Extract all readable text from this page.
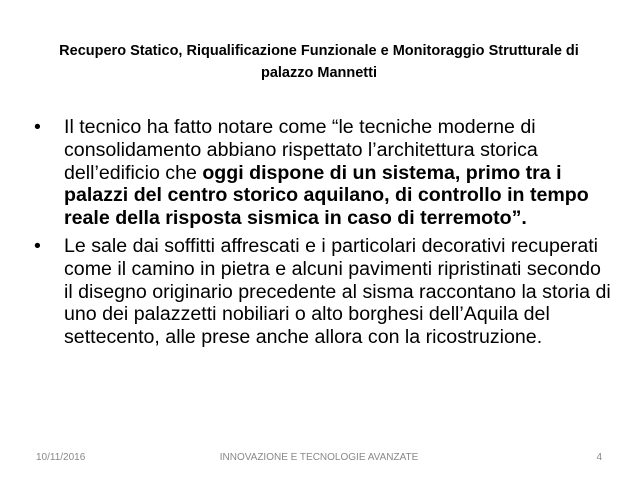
Recupero Statico, Riqualificazione Funzionale e Monitoraggio Strutturale di
palazzo Mannetti

• Il tecnico ha fatto notare come “le tecniche moderne di consolidamento abbiano rispettato l’architettura storica dell’edificio che oggi dispone di un sistema, primo tra i palazzi del centro storico aquilano, di controllo in tempo reale della risposta sismica in caso di terremoto”.

• Le sale dai soffitti affrescati e i particolari decorativi recuperati come il camino in pietra e alcuni pavimenti ripristinati secondo il disegno originario precedente al sisma raccontano la storia di uno dei palazzetti nobiliari o alto borghesi dell’Aquila del settecento, alle prese anche allora con la ricostruzione.

10/11/2016	INNOVAZIONE E TECNOLOGIE AVANZATE	4
